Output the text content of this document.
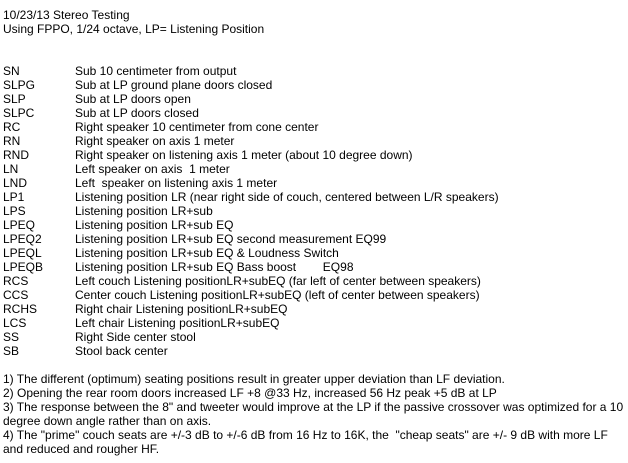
10/23/13 Stereo Testing
Using FPPO, 1/24 octave, LP= Listening Position
SN	Sub 10 centimeter from output
SLPG	Sub at LP ground plane doors closed
SLP	Sub at LP doors open
SLPC	Sub at LP doors closed
RC	Right speaker 10 centimeter from cone center
RN	Right speaker on axis 1 meter
RND	Right speaker on listening axis 1 meter (about 10 degree down)
LN	Left speaker on axis  1 meter
LND	Left  speaker on listening axis 1 meter
LP1	Listening position LR (near right side of couch, centered between L/R speakers)
LPS	Listening position LR+sub
LPEQ	Listening position LR+sub EQ
LPEQ2	Listening position LR+sub EQ second measurement EQ99
LPEQL	Listening position LR+sub EQ & Loudness Switch
LPEQB	Listening position LR+sub EQ Bass boost        EQ98
RCS	Left couch Listening positionLR+subEQ (far left of center between speakers)
CCS	Center couch Listening positionLR+subEQ (left of center between speakers)
RCHS	Right chair Listening positionLR+subEQ
LCS	Left chair Listening positionLR+subEQ
SS	Right Side center stool
SB	Stool back center
1) The different (optimum) seating positions result in greater upper deviation than LF deviation.
2) Opening the rear room doors increased LF +8 @33 Hz, increased 56 Hz peak +5 dB at LP
3) The response between the 8" and tweeter would improve at the LP if the passive crossover was optimized for a 10
degree down angle rather than on axis.
4) The "prime" couch seats are +/-3 dB to +/-6 dB from 16 Hz to 16K, the  "cheap seats" are +/- 9 dB with more LF
and reduced and rougher HF.
